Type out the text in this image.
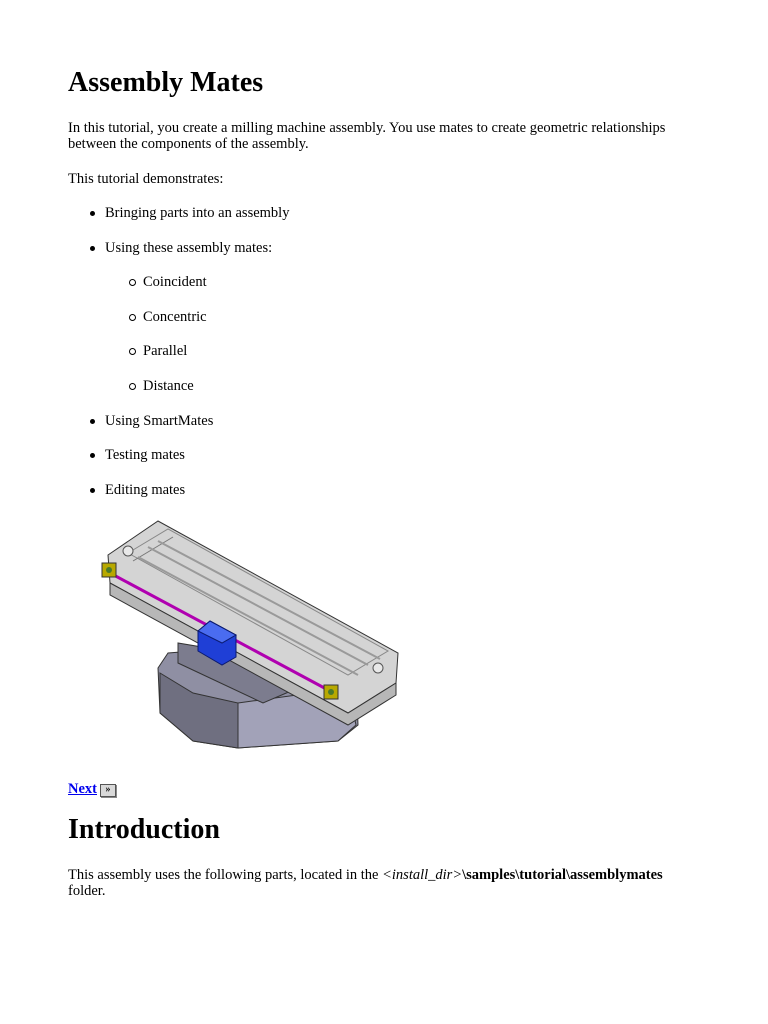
Assembly Mates

In this tutorial, you create a milling machine assembly. You use mates to create geometric relationships between the components of the assembly.

This tutorial demonstrates:

Bringing parts into an assembly
Using these assembly mates:
Coincident
Concentric
Parallel
Distance
Using SmartMates
Testing mates
Editing mates
Next »
Introduction

This assembly uses the following parts, located in the <install_dir>\samples\tutorial\assemblymates
folder.
